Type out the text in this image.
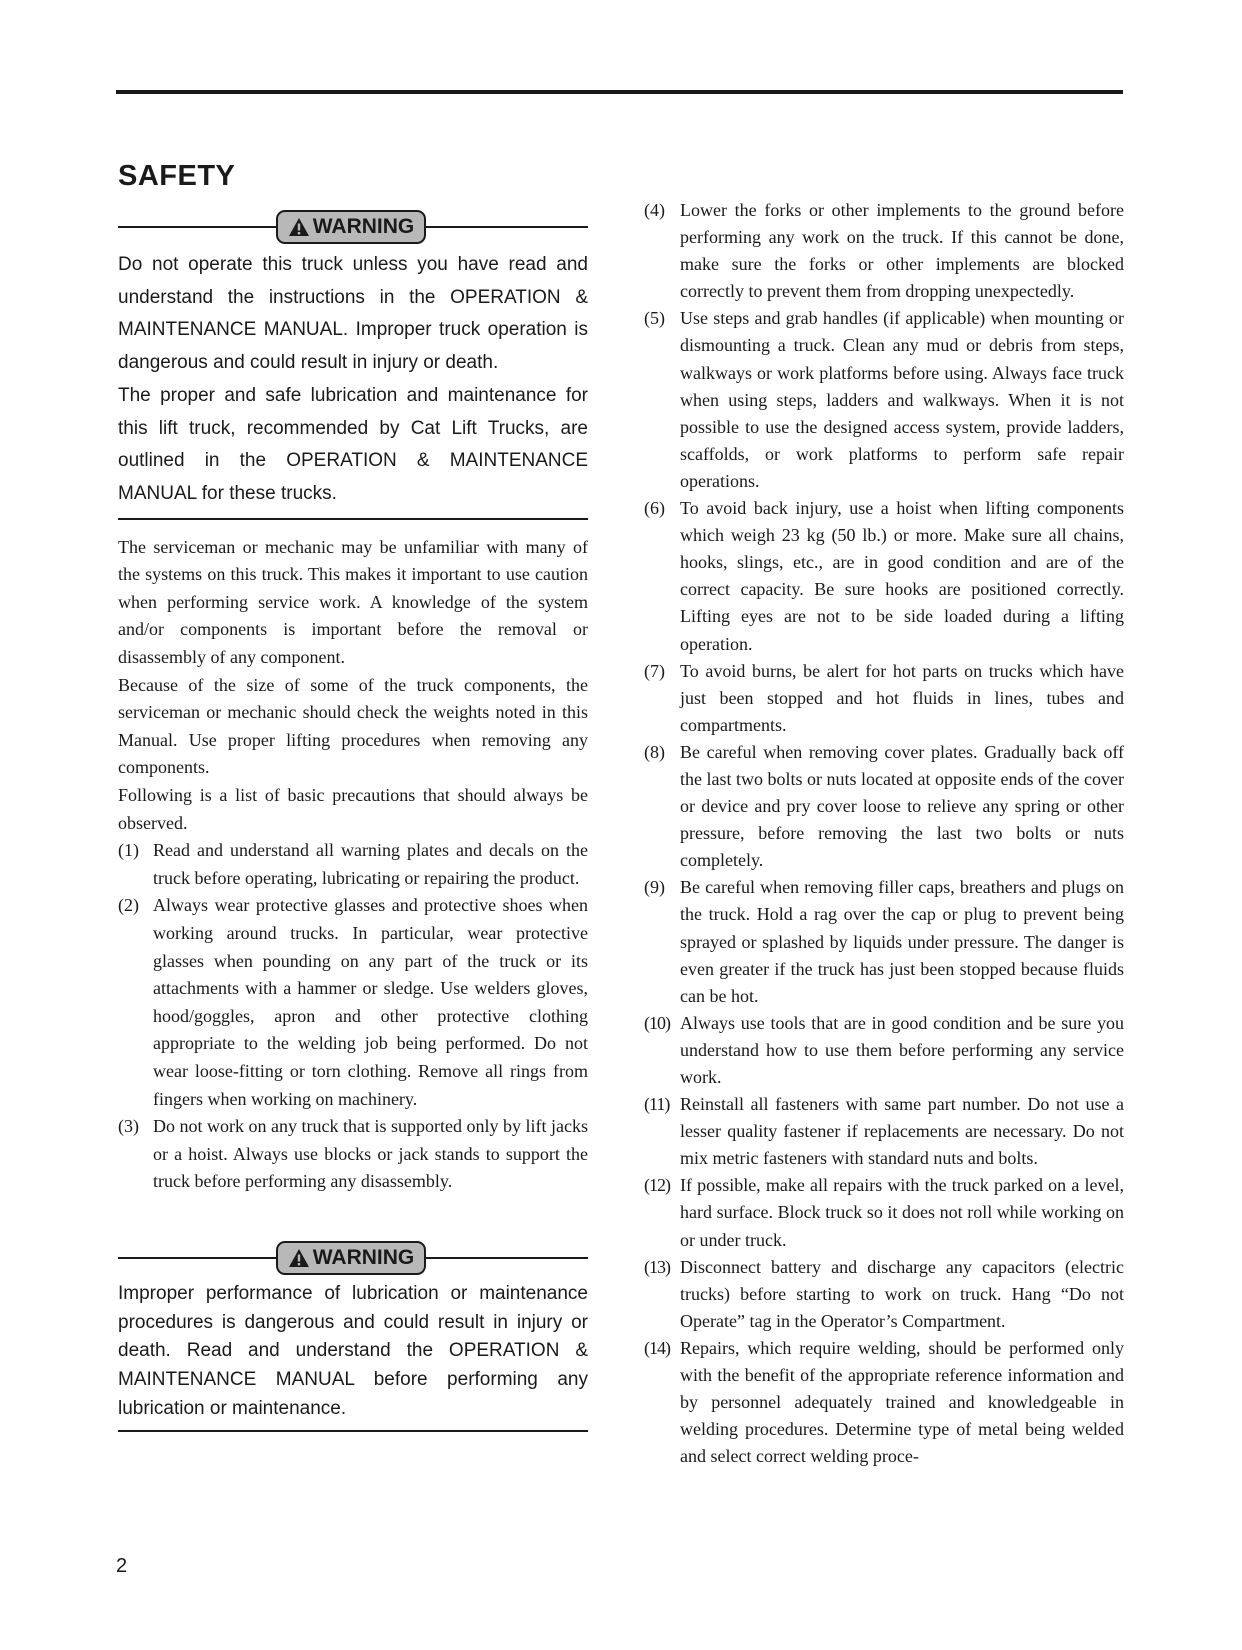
SAFETY
WARNING

Do not operate this truck unless you have read and understand the instructions in the OPERATION & MAINTENANCE MANUAL. Improper truck operation is dangerous and could result in injury or death.

The proper and safe lubrication and maintenance for this lift truck, recommended by Cat Lift Trucks, are outlined in the OPERATION & MAINTENANCE MANUAL for these trucks.

The serviceman or mechanic may be unfamiliar with many of the systems on this truck. This makes it important to use caution when performing service work. A knowledge of the system and/or components is important before the removal or disassembly of any component.

Because of the size of some of the truck components, the serviceman or mechanic should check the weights noted in this Manual. Use proper lifting procedures when removing any components.

Following is a list of basic precautions that should always be observed.

(1) Read and understand all warning plates and decals on the truck before operating, lubricating or repairing the product.
(2) Always wear protective glasses and protective shoes when working around trucks. In particular, wear protective glasses when pounding on any part of the truck or its attachments with a hammer or sledge. Use welders gloves, hood/goggles, apron and other protective clothing appropriate to the welding job being performed. Do not wear loose-fitting or torn clothing. Remove all rings from fingers when working on machinery.
(3) Do not work on any truck that is supported only by lift jacks or a hoist. Always use blocks or jack stands to support the truck before performing any disassembly.
WARNING

Improper performance of lubrication or maintenance procedures is dangerous and could result in injury or death. Read and understand the OPERATION & MAINTENANCE MANUAL before performing any lubrication or maintenance.

(4) Lower the forks or other implements to the ground before performing any work on the truck. If this cannot be done, make sure the forks or other implements are blocked correctly to prevent them from dropping unexpectedly.
(5) Use steps and grab handles (if applicable) when mounting or dismounting a truck. Clean any mud or debris from steps, walkways or work platforms before using. Always face truck when using steps, ladders and walkways. When it is not possible to use the designed access system, provide ladders, scaffolds, or work platforms to perform safe repair operations.
(6) To avoid back injury, use a hoist when lifting components which weigh 23 kg (50 lb.) or more. Make sure all chains, hooks, slings, etc., are in good condition and are of the correct capacity. Be sure hooks are positioned correctly. Lifting eyes are not to be side loaded during a lifting operation.
(7) To avoid burns, be alert for hot parts on trucks which have just been stopped and hot fluids in lines, tubes and compartments.
(8) Be careful when removing cover plates. Gradually back off the last two bolts or nuts located at opposite ends of the cover or device and pry cover loose to relieve any spring or other pressure, before removing the last two bolts or nuts completely.
(9) Be careful when removing filler caps, breathers and plugs on the truck. Hold a rag over the cap or plug to prevent being sprayed or splashed by liquids under pressure. The danger is even greater if the truck has just been stopped because fluids can be hot.
(10) Always use tools that are in good condition and be sure you understand how to use them before performing any service work.
(11) Reinstall all fasteners with same part number. Do not use a lesser quality fastener if replacements are necessary. Do not mix metric fasteners with standard nuts and bolts.
(12) If possible, make all repairs with the truck parked on a level, hard surface. Block truck so it does not roll while working on or under truck.
(13) Disconnect battery and discharge any capacitors (electric trucks) before starting to work on truck. Hang “Do not Operate” tag in the Operator’s Compartment.
(14) Repairs, which require welding, should be performed only with the benefit of the appropriate reference information and by personnel adequately trained and knowledgeable in welding procedures. Determine type of metal being welded and select correct welding proce-
2
